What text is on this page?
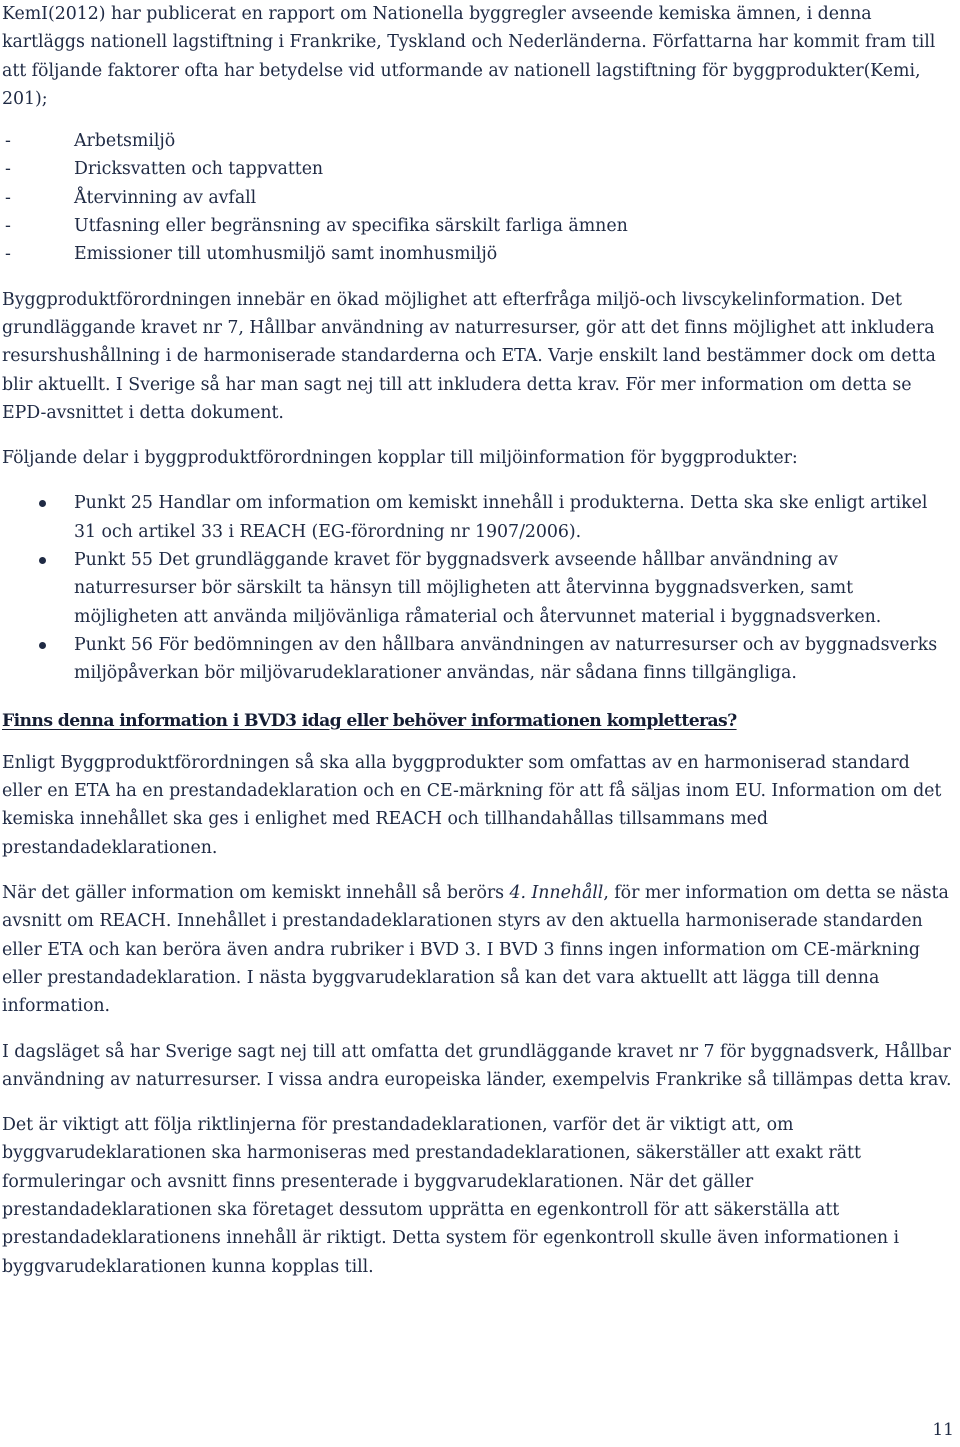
KemI(2012) har publicerat en rapport om Nationella byggregler avseende kemiska ämnen, i denna kartläggs nationell lagstiftning i Frankrike, Tyskland och Nederländerna. Författarna har kommit fram till att följande faktorer ofta har betydelse vid utformande av nationell lagstiftning för byggprodukter(Kemi, 201);

-	Arbetsmiljö
-	Dricksvatten och tappvatten
-	Återvinning av avfall
-	Utfasning eller begränsning av specifika särskilt farliga ämnen
-	Emissioner till utomhusmiljö samt inomhusmiljö

Byggproduktförordningen innebär en ökad möjlighet att efterfråga miljö-och livscykelinformation. Det grundläggande kravet nr 7, Hållbar användning av naturresurser, gör att det finns möjlighet att inkludera resurshushållning i de harmoniserade standarderna och ETA. Varje enskilt land bestämmer dock om detta blir aktuellt. I Sverige så har man sagt nej till att inkludera detta krav. För mer information om detta se EPD-avsnittet i detta dokument.

Följande delar i byggproduktförordningen kopplar till miljöinformation för byggprodukter:

Punkt 25 Handlar om information om kemiskt innehåll i produkterna. Detta ska ske enligt artikel 31 och artikel 33 i REACH (EG-förordning nr 1907/2006).
Punkt 55 Det grundläggande kravet för byggnadsverk avseende hållbar användning av naturresurser bör särskilt ta hänsyn till möjligheten att återvinna byggnadsverken, samt möjligheten att använda miljövänliga råmaterial och återvunnet material i byggnadsverken.
Punkt 56 För bedömningen av den hållbara användningen av naturresurser och av byggnadsverks miljöpåverkan bör miljövarudeklarationer användas, när sådana finns tillgängliga.

Finns denna information i BVD3 idag eller behöver informationen kompletteras?

Enligt Byggproduktförordningen så ska alla byggprodukter som omfattas av en harmoniserad standard eller en ETA ha en prestandadeklaration och en CE-märkning för att få säljas inom EU. Information om det kemiska innehållet ska ges i enlighet med REACH och tillhandahållas tillsammans med prestandadeklarationen.

När det gäller information om kemiskt innehåll så berörs 4. Innehåll, för mer information om detta se nästa avsnitt om REACH. Innehållet i prestandadeklarationen styrs av den aktuella harmoniserade standarden eller ETA och kan beröra även andra rubriker i BVD 3. I BVD 3 finns ingen information om CE-märkning eller prestandadeklaration. I nästa byggvarudeklaration så kan det vara aktuellt att lägga till denna information.

I dagsläget så har Sverige sagt nej till att omfatta det grundläggande kravet nr 7 för byggnadsverk, Hållbar användning av naturresurser. I vissa andra europeiska länder, exempelvis Frankrike så tillämpas detta krav.

Det är viktigt att följa riktlinjerna för prestandadeklarationen, varför det är viktigt att, om byggvarudeklarationen ska harmoniseras med prestandadeklarationen, säkerställer att exakt rätt formuleringar och avsnitt finns presenterade i byggvarudeklarationen. När det gäller prestandadeklarationen ska företaget dessutom upprätta en egenkontroll för att säkerställa att prestandadeklarationens innehåll är riktigt. Detta system för egenkontroll skulle även informationen i byggvarudeklarationen kunna kopplas till.

11
